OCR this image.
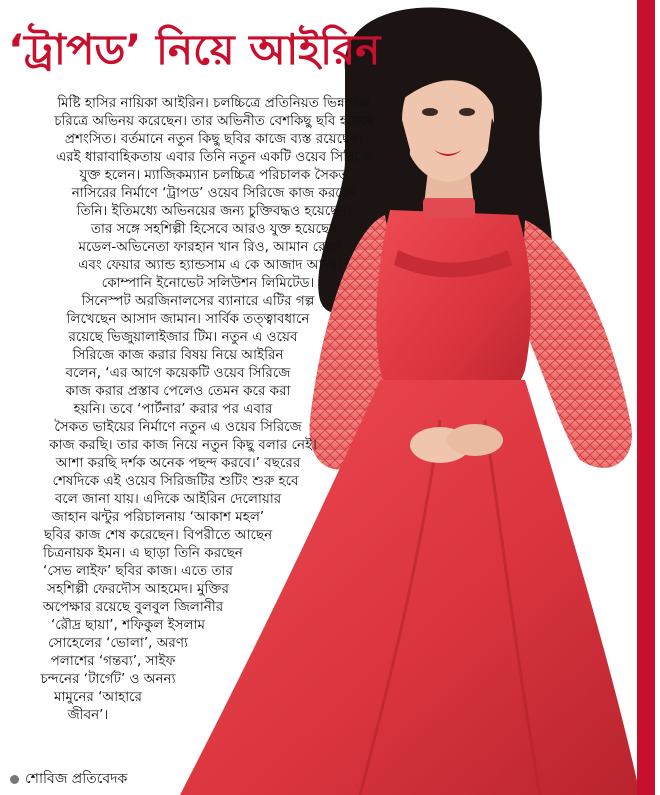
‘ট্রাপড’ নিয়ে আইরিন
মিষ্টি হাসির নায়িকা আইরিন। চলচ্চিত্রে প্রতিনিয়ত ভিন্ন ভিন্ন
চরিত্রে অভিনয় করেছেন। তার অভিনীত বেশকিছু ছবি হয়েছে
প্রশংসিত। বর্তমানে নতুন কিছু ছবির কাজে ব্যস্ত রয়েছেন।
এরই ধারাবাহিকতায় এবার তিনি নতুন একটি ওয়েব সিরিজে
যুক্ত হলেন। ম্যাজিকম্যান চলচ্চিত্র পরিচালক সৈকত
নাসিরের নির্মাণে ‘ট্রাপড’ ওয়েব সিরিজে কাজ করবেন
তিনি। ইতিমধ্যে অভিনয়ের জন্য চুক্তিবদ্ধও হয়েছেন।
তার সঙ্গে সহশিল্পী হিসেবে আরও যুক্ত হয়েছেন
মডেল-অভিনেতা ফারহান খান রিও, আমান রেজা
এবং ফেয়ার অ্যান্ড হ্যান্ডসাম এ কে আজাদ আদর।
কোম্পানি ইনোভেট সলিউশন লিমিটেড।
সিনেস্পট অরজিনালসের ব্যানারে এটির গল্প
লিখেছেন আসাদ জামান। সার্বিক তত্ত্বাবধানে
রয়েছে ভিজুয়ালাইজার টিম। নতুন এ ওয়েব
সিরিজে কাজ করার বিষয় নিয়ে আইরিন
বলেন, ‘এর আগে কয়েকটি ওয়েব সিরিজে
কাজ করার প্রস্তাব পেলেও তেমন করে করা
হয়নি। তবে ‘পার্টনার’ করার পর এবার
সৈকত ভাইয়ের নির্মাণে নতুন এ ওয়েব সিরিজে
কাজ করছি। তার কাজ নিয়ে নতুন কিছু বলার নেই।
আশা করছি দর্শক অনেক পছন্দ করবে।’ বছরের
শেষদিকে এই ওয়েব সিরিজটির শুটিং শুরু হবে
বলে জানা যায়। এদিকে আইরিন দেলোয়ার
জাহান ঝন্টুর পরিচালনায় ‘আকাশ মহল’
ছবির কাজ শেষ করেছেন। বিপরীতে আছেন
চিত্রনায়ক ইমন। এ ছাড়া তিনি করছেন
‘সেভ লাইফ’ ছবির কাজ। এতে তার
সহশিল্পী ফেরদৌস আহমেদ। মুক্তির
অপেক্ষার রয়েছে বুলবুল জিলানীর
‘রৌদ্র ছায়া’, শফিকুল ইসলাম
সোহেলের ‘ভোলা’, অরণ্য
পলাশের ‘গন্তব্য’, সাইফ
চন্দনের ‘টার্গেট’ ও অনন্য
মামুনের ‘আহারে
জীবন’।
শোবিজ প্রতিবেদক
